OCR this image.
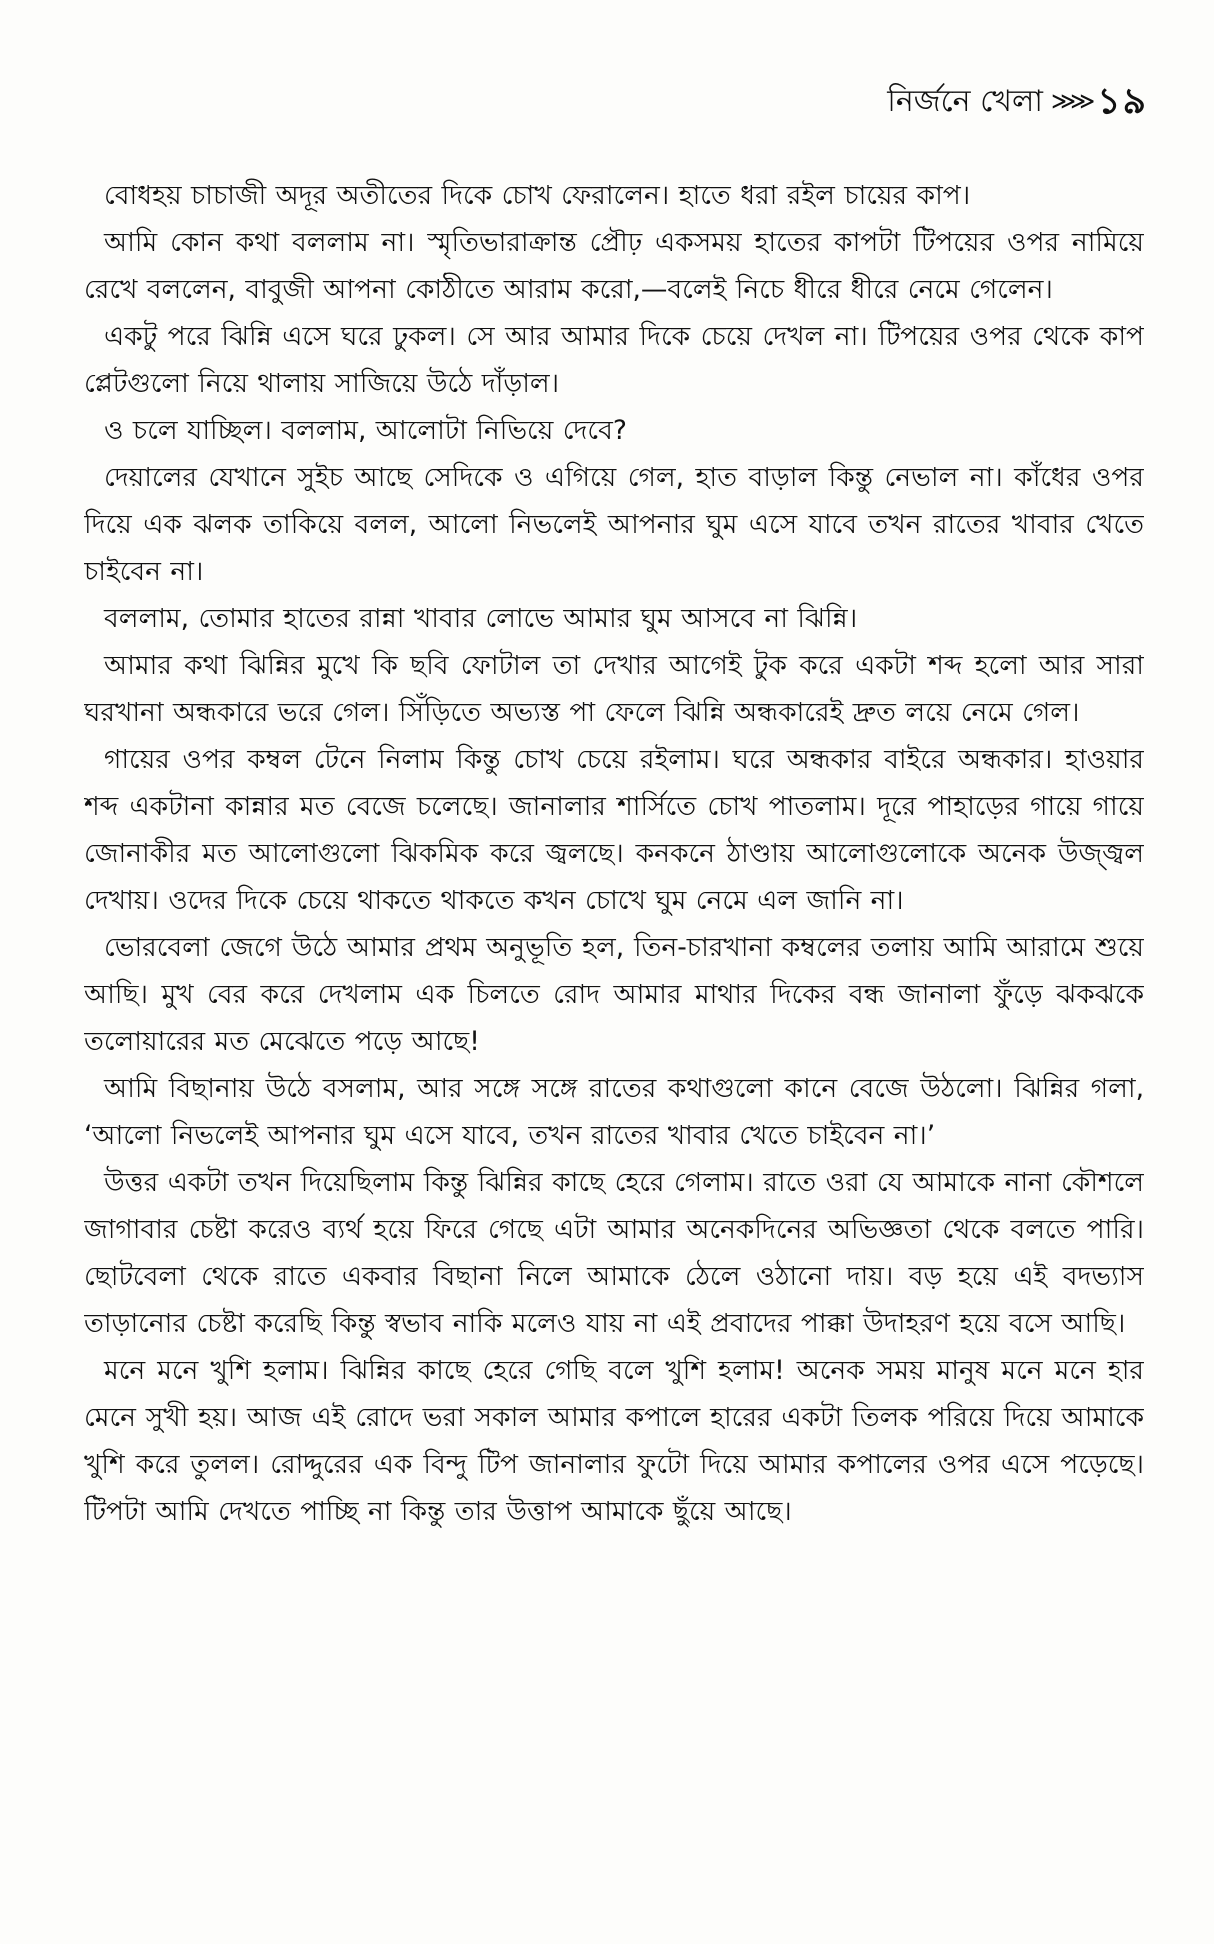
নির্জনে খেলা ≫≫ ১৯

বোধহয় চাচাজী অদূর অতীতের দিকে চোখ ফেরালেন। হাতে ধরা রইল চায়ের কাপ।

আমি কোন কথা বললাম না। স্মৃতিভারাক্রান্ত প্রৌঢ় একসময় হাতের কাপটা টিপয়ের ওপর নামিয়ে রেখে বললেন, বাবুজী আপনা কোঠীতে আরাম করো,—বলেই নিচে ধীরে ধীরে নেমে গেলেন।

একটু পরে ঝিন্নি এসে ঘরে ঢুকল। সে আর আমার দিকে চেয়ে দেখল না। টিপয়ের ওপর থেকে কাপ প্লেটগুলো নিয়ে থালায় সাজিয়ে উঠে দাঁড়াল।

ও চলে যাচ্ছিল। বললাম, আলোটা নিভিয়ে দেবে?

দেয়ালের যেখানে সুইচ আছে সেদিকে ও এগিয়ে গেল, হাত বাড়াল কিন্তু নেভাল না। কাঁধের ওপর দিয়ে এক ঝলক তাকিয়ে বলল, আলো নিভলেই আপনার ঘুম এসে যাবে তখন রাতের খাবার খেতে চাইবেন না।

বললাম, তোমার হাতের রান্না খাবার লোভে আমার ঘুম আসবে না ঝিন্নি।

আমার কথা ঝিন্নির মুখে কি ছবি ফোটাল তা দেখার আগেই টুক করে একটা শব্দ হলো আর সারা ঘরখানা অন্ধকারে ভরে গেল। সিঁড়িতে অভ্যস্ত পা ফেলে ঝিন্নি অন্ধকারেই দ্রুত লয়ে নেমে গেল।

গায়ের ওপর কম্বল টেনে নিলাম কিন্তু চোখ চেয়ে রইলাম। ঘরে অন্ধকার বাইরে অন্ধকার। হাওয়ার শব্দ একটানা কান্নার মত বেজে চলেছে। জানালার শার্সিতে চোখ পাতলাম। দূরে পাহাড়ের গায়ে গায়ে জোনাকীর মত আলোগুলো ঝিকমিক করে জ্বলছে। কনকনে ঠাণ্ডায় আলোগুলোকে অনেক উজ্জ্বল দেখায়। ওদের দিকে চেয়ে থাকতে থাকতে কখন চোখে ঘুম নেমে এল জানি না।

ভোরবেলা জেগে উঠে আমার প্রথম অনুভূতি হল, তিন-চারখানা কম্বলের তলায় আমি আরামে শুয়ে আছি। মুখ বের করে দেখলাম এক চিলতে রোদ আমার মাথার দিকের বন্ধ জানালা ফুঁড়ে ঝকঝকে তলোয়ারের মত মেঝেতে পড়ে আছে!

আমি বিছানায় উঠে বসলাম, আর সঙ্গে সঙ্গে রাতের কথাগুলো কানে বেজে উঠলো। ঝিন্নির গলা, ‘আলো নিভলেই আপনার ঘুম এসে যাবে, তখন রাতের খাবার খেতে চাইবেন না।’

উত্তর একটা তখন দিয়েছিলাম কিন্তু ঝিন্নির কাছে হেরে গেলাম। রাতে ওরা যে আমাকে নানা কৌশলে জাগাবার চেষ্টা করেও ব্যর্থ হয়ে ফিরে গেছে এটা আমার অনেকদিনের অভিজ্ঞতা থেকে বলতে পারি। ছোটবেলা থেকে রাতে একবার বিছানা নিলে আমাকে ঠেলে ওঠানো দায়। বড় হয়ে এই বদভ্যাস তাড়ানোর চেষ্টা করেছি কিন্তু স্বভাব নাকি মলেও যায় না এই প্রবাদের পাক্কা উদাহরণ হয়ে বসে আছি।

মনে মনে খুশি হলাম। ঝিন্নির কাছে হেরে গেছি বলে খুশি হলাম! অনেক সময় মানুষ মনে মনে হার মেনে সুখী হয়। আজ এই রোদে ভরা সকাল আমার কপালে হারের একটা তিলক পরিয়ে দিয়ে আমাকে খুশি করে তুলল। রোদ্দুরের এক বিন্দু টিপ জানালার ফুটো দিয়ে আমার কপালের ওপর এসে পড়েছে। টিপটা আমি দেখতে পাচ্ছি না কিন্তু তার উত্তাপ আমাকে ছুঁয়ে আছে।
